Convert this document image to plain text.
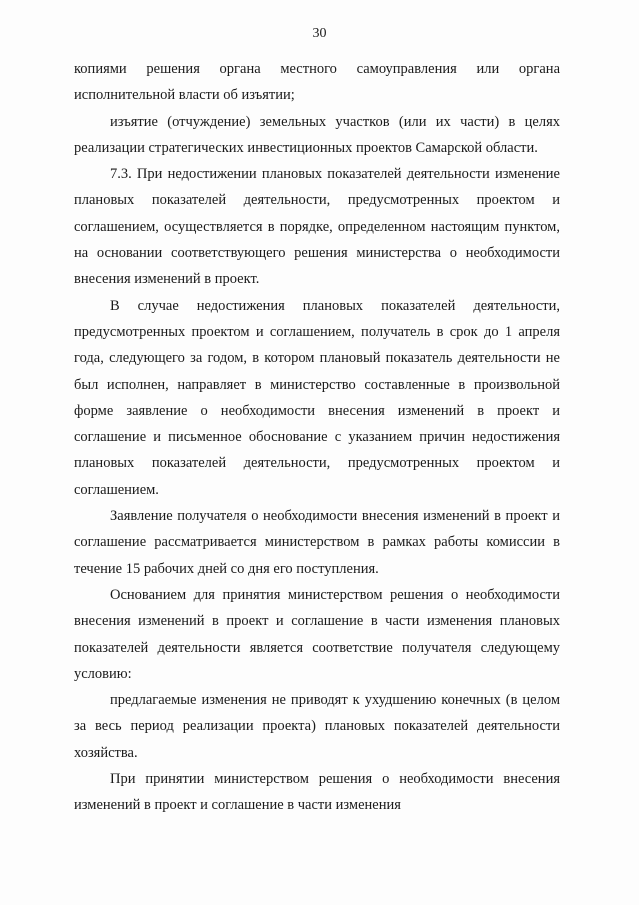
30

копиями решения органа местного самоуправления или органа исполнительной власти об изъятии;

изъятие (отчуждение) земельных участков (или их части) в целях реализации стратегических инвестиционных проектов Самарской области.

7.3. При недостижении плановых показателей деятельности изменение плановых показателей деятельности, предусмотренных проектом и соглашением, осуществляется в порядке, определенном настоящим пунктом, на основании соответствующего решения министерства о необходимости внесения изменений в проект.

В случае недостижения плановых показателей деятельности, предусмотренных проектом и соглашением, получатель в срок до 1 апреля года, следующего за годом, в котором плановый показатель деятельности не был исполнен, направляет в министерство составленные в произвольной форме заявление о необходимости внесения изменений в проект и соглашение и письменное обоснование с указанием причин недостижения плановых показателей деятельности, предусмотренных проектом и соглашением.

Заявление получателя о необходимости внесения изменений в проект и соглашение рассматривается министерством в рамках работы комиссии в течение 15 рабочих дней со дня его поступления.

Основанием для принятия министерством решения о необходимости внесения изменений в проект и соглашение в части изменения плановых показателей деятельности является соответствие получателя следующему условию:

предлагаемые изменения не приводят к ухудшению конечных (в целом за весь период реализации проекта) плановых показателей деятельности хозяйства.

При принятии министерством решения о необходимости внесения изменений в проект и соглашение в части изменения
